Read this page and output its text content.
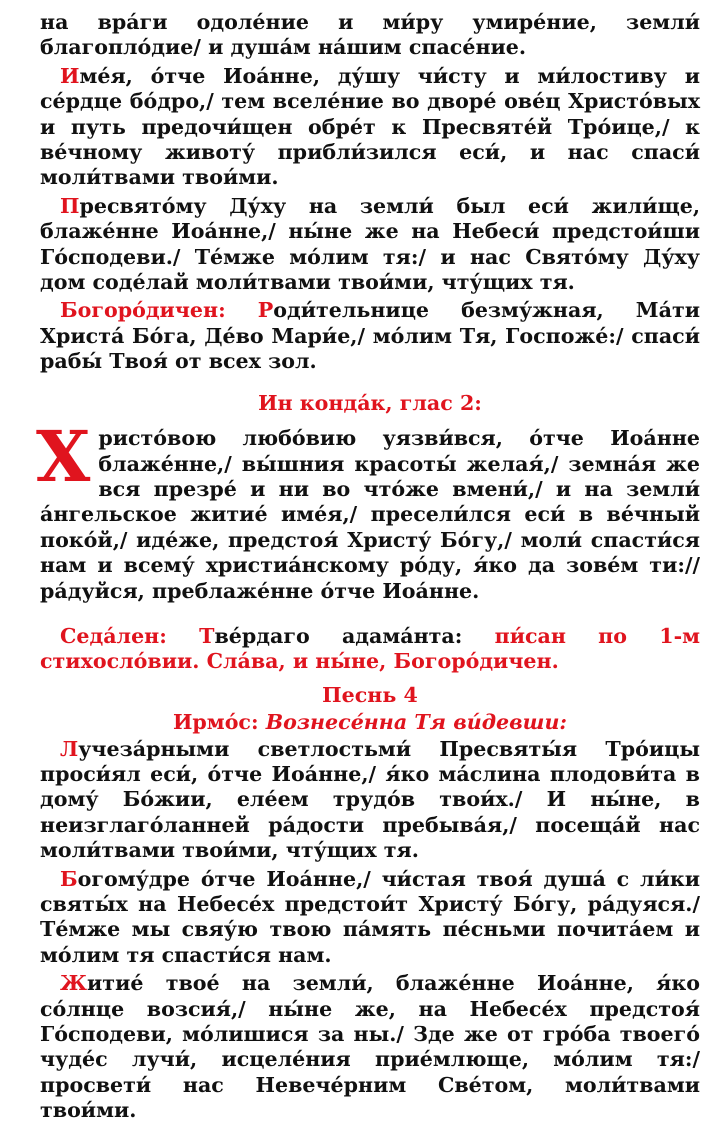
на вра́ги одоле́ние и ми́ру умире́ние, земли́ благопло́дие/ и душа́м на́шим спасе́ние.

Име́я, о́тче Иоа́нне, ду́шу чи́сту и ми́лостиву и се́рдце бо́дро,/ тем вселе́ние во дворе́ ове́ц Христо́вых и путь предочи́щен обре́т к Пресвяте́й Тро́ице,/ к ве́чному животу́ прибли́зился еси́, и нас спаси́ моли́твами твои́ми.

Пресвято́му Ду́ху на земли́ был еси́ жили́ще, блаже́нне Иоа́нне,/ ны́не же на Небеси́ предстои́ши Го́сподеви./ Те́мже мо́лим тя:/ и нас Свято́му Ду́ху дом соде́лай моли́твами твои́ми, чту́щих тя.

Богоро́дичен: Роди́тельнице безму́жная, Ма́ти Христа́ Бо́га, Де́во Мари́е,/ мо́лим Тя, Госпоже́:/ спаси́ рабы́ Твоя́ от всех зол.

Ин конда́к, глас 2:

Христо́вою любо́вию уязви́вся, о́тче Иоа́нне блаже́нне,/ вы́шния красоты́ желая́,/ земна́я же вся презре́ и ни во что́же вмени́,/ и на земли́ а́нгельское житие́ име́я,/ пресели́лся еси́ в ве́чный поко́й,/ иде́же, предстоя́ Христу́ Бо́гу,/ моли́ спасти́ся нам и всему́ христиа́нскому ро́ду, я́ко да зове́м ти:// ра́дуйся, преблаже́нне о́тче Иоа́нне.

Седа́лен: Тве́рдаго адама́нта: пи́сан по 1-м стихосло́вии. Сла́ва, и ны́не, Богоро́дичен.

Песнь 4

Ирмо́с: Вознесе́нна Тя ви́девши:

Лучеза́рными светлостьми́ Пресвяты́я Тро́ицы проси́ял еси́, о́тче Иоа́нне,/ я́ко ма́слина плодови́та в дому́ Бо́жии, еле́ем трудо́в твои́х./ И ны́не, в неизглаго́ланней ра́дости пребыва́я,/ посеща́й нас моли́твами твои́ми, чту́щих тя.

Богому́дре о́тче Иоа́нне,/ чи́стая твоя́ душа́ с ли́ки святы́х на Небесе́х предстои́т Христу́ Бо́гу, ра́дуяся./ Те́мже мы свяу́ю твою па́мять пе́сньми почита́ем и мо́лим тя спасти́ся нам.

Житие́ твое́ на земли́, блаже́нне Иоа́нне, я́ко со́лнце возсия́,/ ны́не же, на Небесе́х предстоя́ Го́сподеви, мо́лишися за ны./ Зде же от гро́ба твоего́ чуде́с лучи́, исцеле́ния прие́млюще, мо́лим тя:/ просвети́ нас Невече́рним Све́том, моли́твами твои́ми.
